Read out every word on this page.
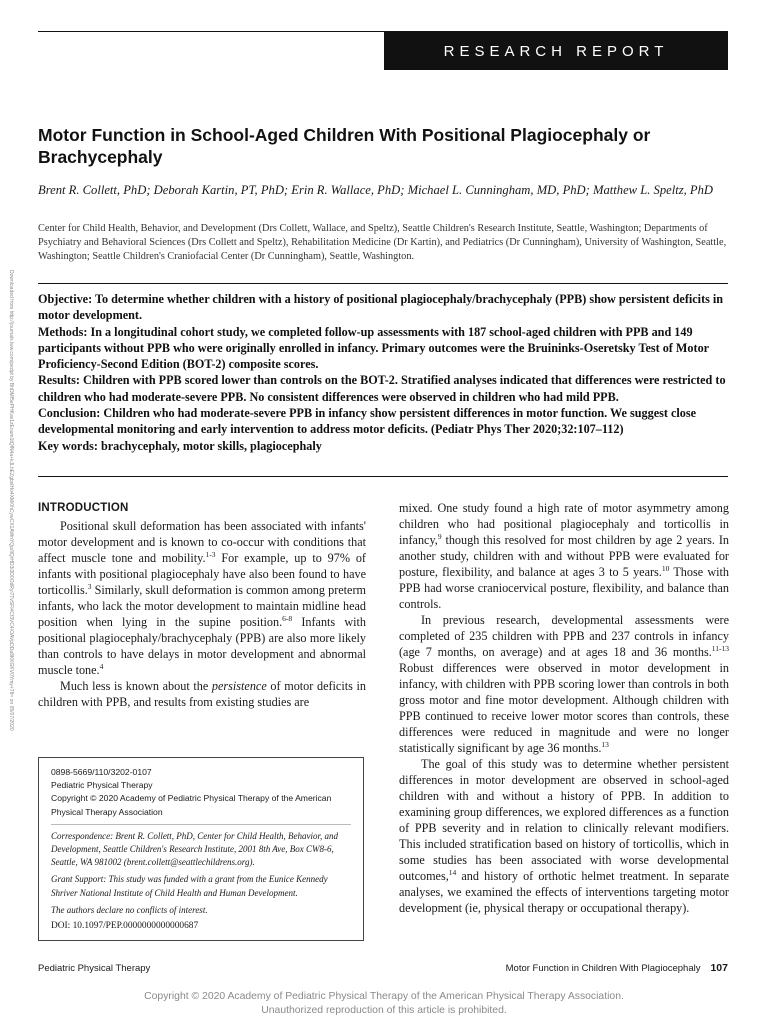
RESEARCH REPORT
Motor Function in School-Aged Children With Positional Plagiocephaly or Brachycephaly
Brent R. Collett, PhD; Deborah Kartin, PT, PhD; Erin R. Wallace, PhD; Michael L. Cunningham, MD, PhD; Matthew L. Speltz, PhD
Center for Child Health, Behavior, and Development (Drs Collett, Wallace, and Speltz), Seattle Children's Research Institute, Seattle, Washington; Departments of Psychiatry and Behavioral Sciences (Drs Collett and Speltz), Rehabilitation Medicine (Dr Kartin), and Pediatrics (Dr Cunningham), University of Washington, Seattle, Washington; Seattle Children's Craniofacial Center (Dr Cunningham), Seattle, Washington.
Downloaded from http://journals.lww.com/pedpt by BhDMf5ePHKav1zEoum1tQfN4a+kJLhEZgbsIHo4XMi0hCywCX1AWnYQp/IlQrHD3i3D0OdRyi7TvSFl4Cf3VC4/OAVpDDa8KKGKV0Ymy+78= on 05/07/2020 Objective: To determine whether children with a history of positional plagiocephaly/brachycephaly (PPB) show persistent deficits in motor development.

Methods: In a longitudinal cohort study, we completed follow-up assessments with 187 school-aged children with PPB and 149 participants without PPB who were originally enrolled in infancy. Primary outcomes were the Bruininks-Oseretsky Test of Motor Proficiency-Second Edition (BOT-2) composite scores.

Results: Children with PPB scored lower than controls on the BOT-2. Stratified analyses indicated that differences were restricted to children who had moderate-severe PPB. No consistent differences were observed in children who had mild PPB.

Conclusion: Children who had moderate-severe PPB in infancy show persistent differences in motor function. We suggest close developmental monitoring and early intervention to address motor deficits. (Pediatr Phys Ther 2020;32:107–112)

Key words: brachycephaly, motor skills, plagiocephaly

INTRODUCTION

Positional skull deformation has been associated with infants' motor development and is known to co-occur with conditions that affect muscle tone and mobility.$^{1-3}$ For example, up to 97% of infants with positional plagiocephaly have also been found to have torticollis.$^3$ Similarly, skull deformation is common among preterm infants, who lack the motor development to maintain midline head position when lying in the supine position.$^{6-8}$ Infants with positional plagiocephaly/brachycephaly (PPB) are also more likely than controls to have delays in motor development and abnormal muscle tone.$^4$

Much less is known about the persistence of motor deficits in children with PPB, and results from existing studies are

0898-5669/110/3202-0107

Pediatric Physical Therapy

Copyright © 2020 Academy of Pediatric Physical Therapy of the American

Physical Therapy Association

Correspondence: Brent R. Collett, PhD, Center for Child Health, Behavior, and Development, Seattle Children's Research Institute, 2001 8th Ave, Box CW8-6, Seattle, WA 981002 (brent.collett@seattlechildrens.org).

Grant Support: This study was funded with a grant from the Eunice Kennedy Shriver National Institute of Child Health and Human Development.

The authors declare no conflicts of interest.

DOI: 10.1097/PEP.0000000000000687

mixed. One study found a high rate of motor asymmetry among children who had positional plagiocephaly and torticollis in infancy,$^9$ though this resolved for most children by age 2 years. In another study, children with and without PPB were evaluated for posture, flexibility, and balance at ages 3 to 5 years.$^{10}$ Those with PPB had worse craniocervical posture, flexibility, and balance than controls.

In previous research, developmental assessments were completed of 235 children with PPB and 237 controls in infancy (age 7 months, on average) and at ages 18 and 36 months.$^{11-13}$ Robust differences were observed in motor development in infancy, with children with PPB scoring lower than controls in both gross motor and fine motor development. Although children with PPB continued to receive lower motor scores than controls, these differences were reduced in magnitude and were no longer statistically significant by age 36 months.$^{13}$

The goal of this study was to determine whether persistent differences in motor development are observed in school-aged children with and without a history of PPB. In addition to examining group differences, we explored differences as a function of PPB severity and in relation to clinically relevant modifiers. This included stratification based on history of torticollis, which in some studies has been associated with worse developmental outcomes,$^{14}$ and history of orthotic helmet treatment. In separate analyses, we examined the effects of interventions targeting motor development (ie, physical therapy or occupational therapy).

Pediatric Physical Therapy	Motor Function in Children With Plagiocephaly 107
Copyright © 2020 Academy of Pediatric Physical Therapy of the American Physical Therapy Association.
Unauthorized reproduction of this article is prohibited.
